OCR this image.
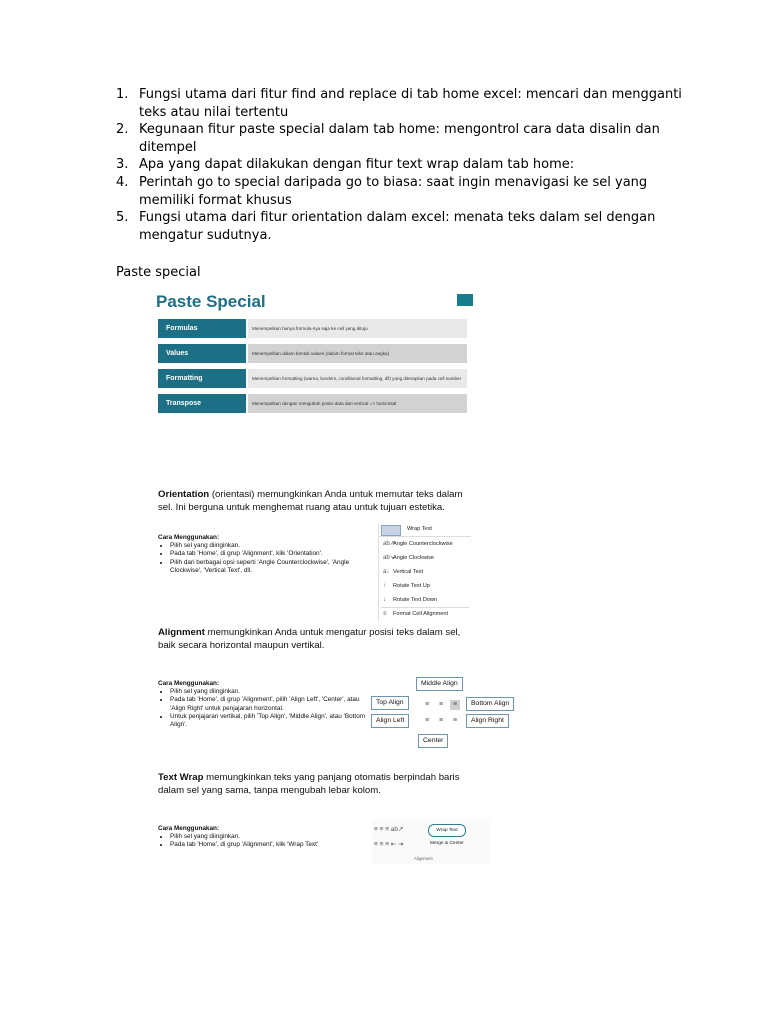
1. Fungsi utama dari fitur find and replace di tab home excel: mencari dan mengganti teks atau nilai tertentu
2. Kegunaan fitur paste special dalam tab home: mengontrol cara data disalin dan ditempel
3. Apa yang dapat dilakukan dengan fitur text wrap dalam tab home:
4. Perintah go to special daripada go to biasa: saat ingin menavigasi ke sel yang memiliki format khusus
5. Fungsi utama dari fitur orientation dalam excel: menata teks dalam sel dengan mengatur sudutnya.
Paste special
Paste Special
Formulas	Menempelkan hanya formula-nya saja ke cell yang dituju
Values	Menempelkan dalam bentuk values (dalam format teks atau angka)
Formatting	Menempelkan formatting (warna, borders, conditional formatting, dll) yang diterapkan pada cell sumber
Transpose	Menempelkan dengan mengubah posisi data dari vertical => horizontal
Orientation (orientasi) memungkinkan Anda untuk memutar teks dalam sel. Ini berguna untuk menghemat ruang atau untuk tujuan estetika.
Cara Menggunakan:
• Pilih sel yang diinginkan.
• Pada tab 'Home', di grup 'Alignment', klik 'Orientation'.
• Pilih dari berbagai opsi seperti 'Angle Counterclockwise', 'Angle Clockwise', 'Vertical Text', dll.
Wrap Text
ab↗Angle Counterclockwise
ab↘Angle Clockwise
a↓ Vertical Text
↑ Rotate Text Up
↓ Rotate Text Down
≡ Format Cell Alignment
Alignment memungkinkan Anda untuk mengatur posisi teks dalam sel, baik secara horizontal maupun vertikal.
Cara Menggunakan:
• Pilih sel yang diinginkan.
• Pada tab 'Home', di grup 'Alignment', pilih 'Align Left', 'Center', atau 'Align Right' untuk penjajaran horizontal.
• Untuk penjajaran vertikal, pilih 'Top Align', 'Middle Align', atau 'Bottom Align'.
Middle Align
Top Align	Bottom Align
Align Left	Align Right
Center
≡	≡	≡
≡	≡	≡
Text Wrap memungkinkan teks yang panjang otomatis berpindah baris dalam sel yang sama, tanpa mengubah lebar kolom.
Cara Menggunakan:
• Pilih sel yang diinginkan.
• Pada tab 'Home', di grup 'Alignment', klik 'Wrap Text'
≡ ≡ ≡ ab↗
≡ ≡ ≡ ⇤ ⇥
Wrap Text
Merge & Center
Alignment
